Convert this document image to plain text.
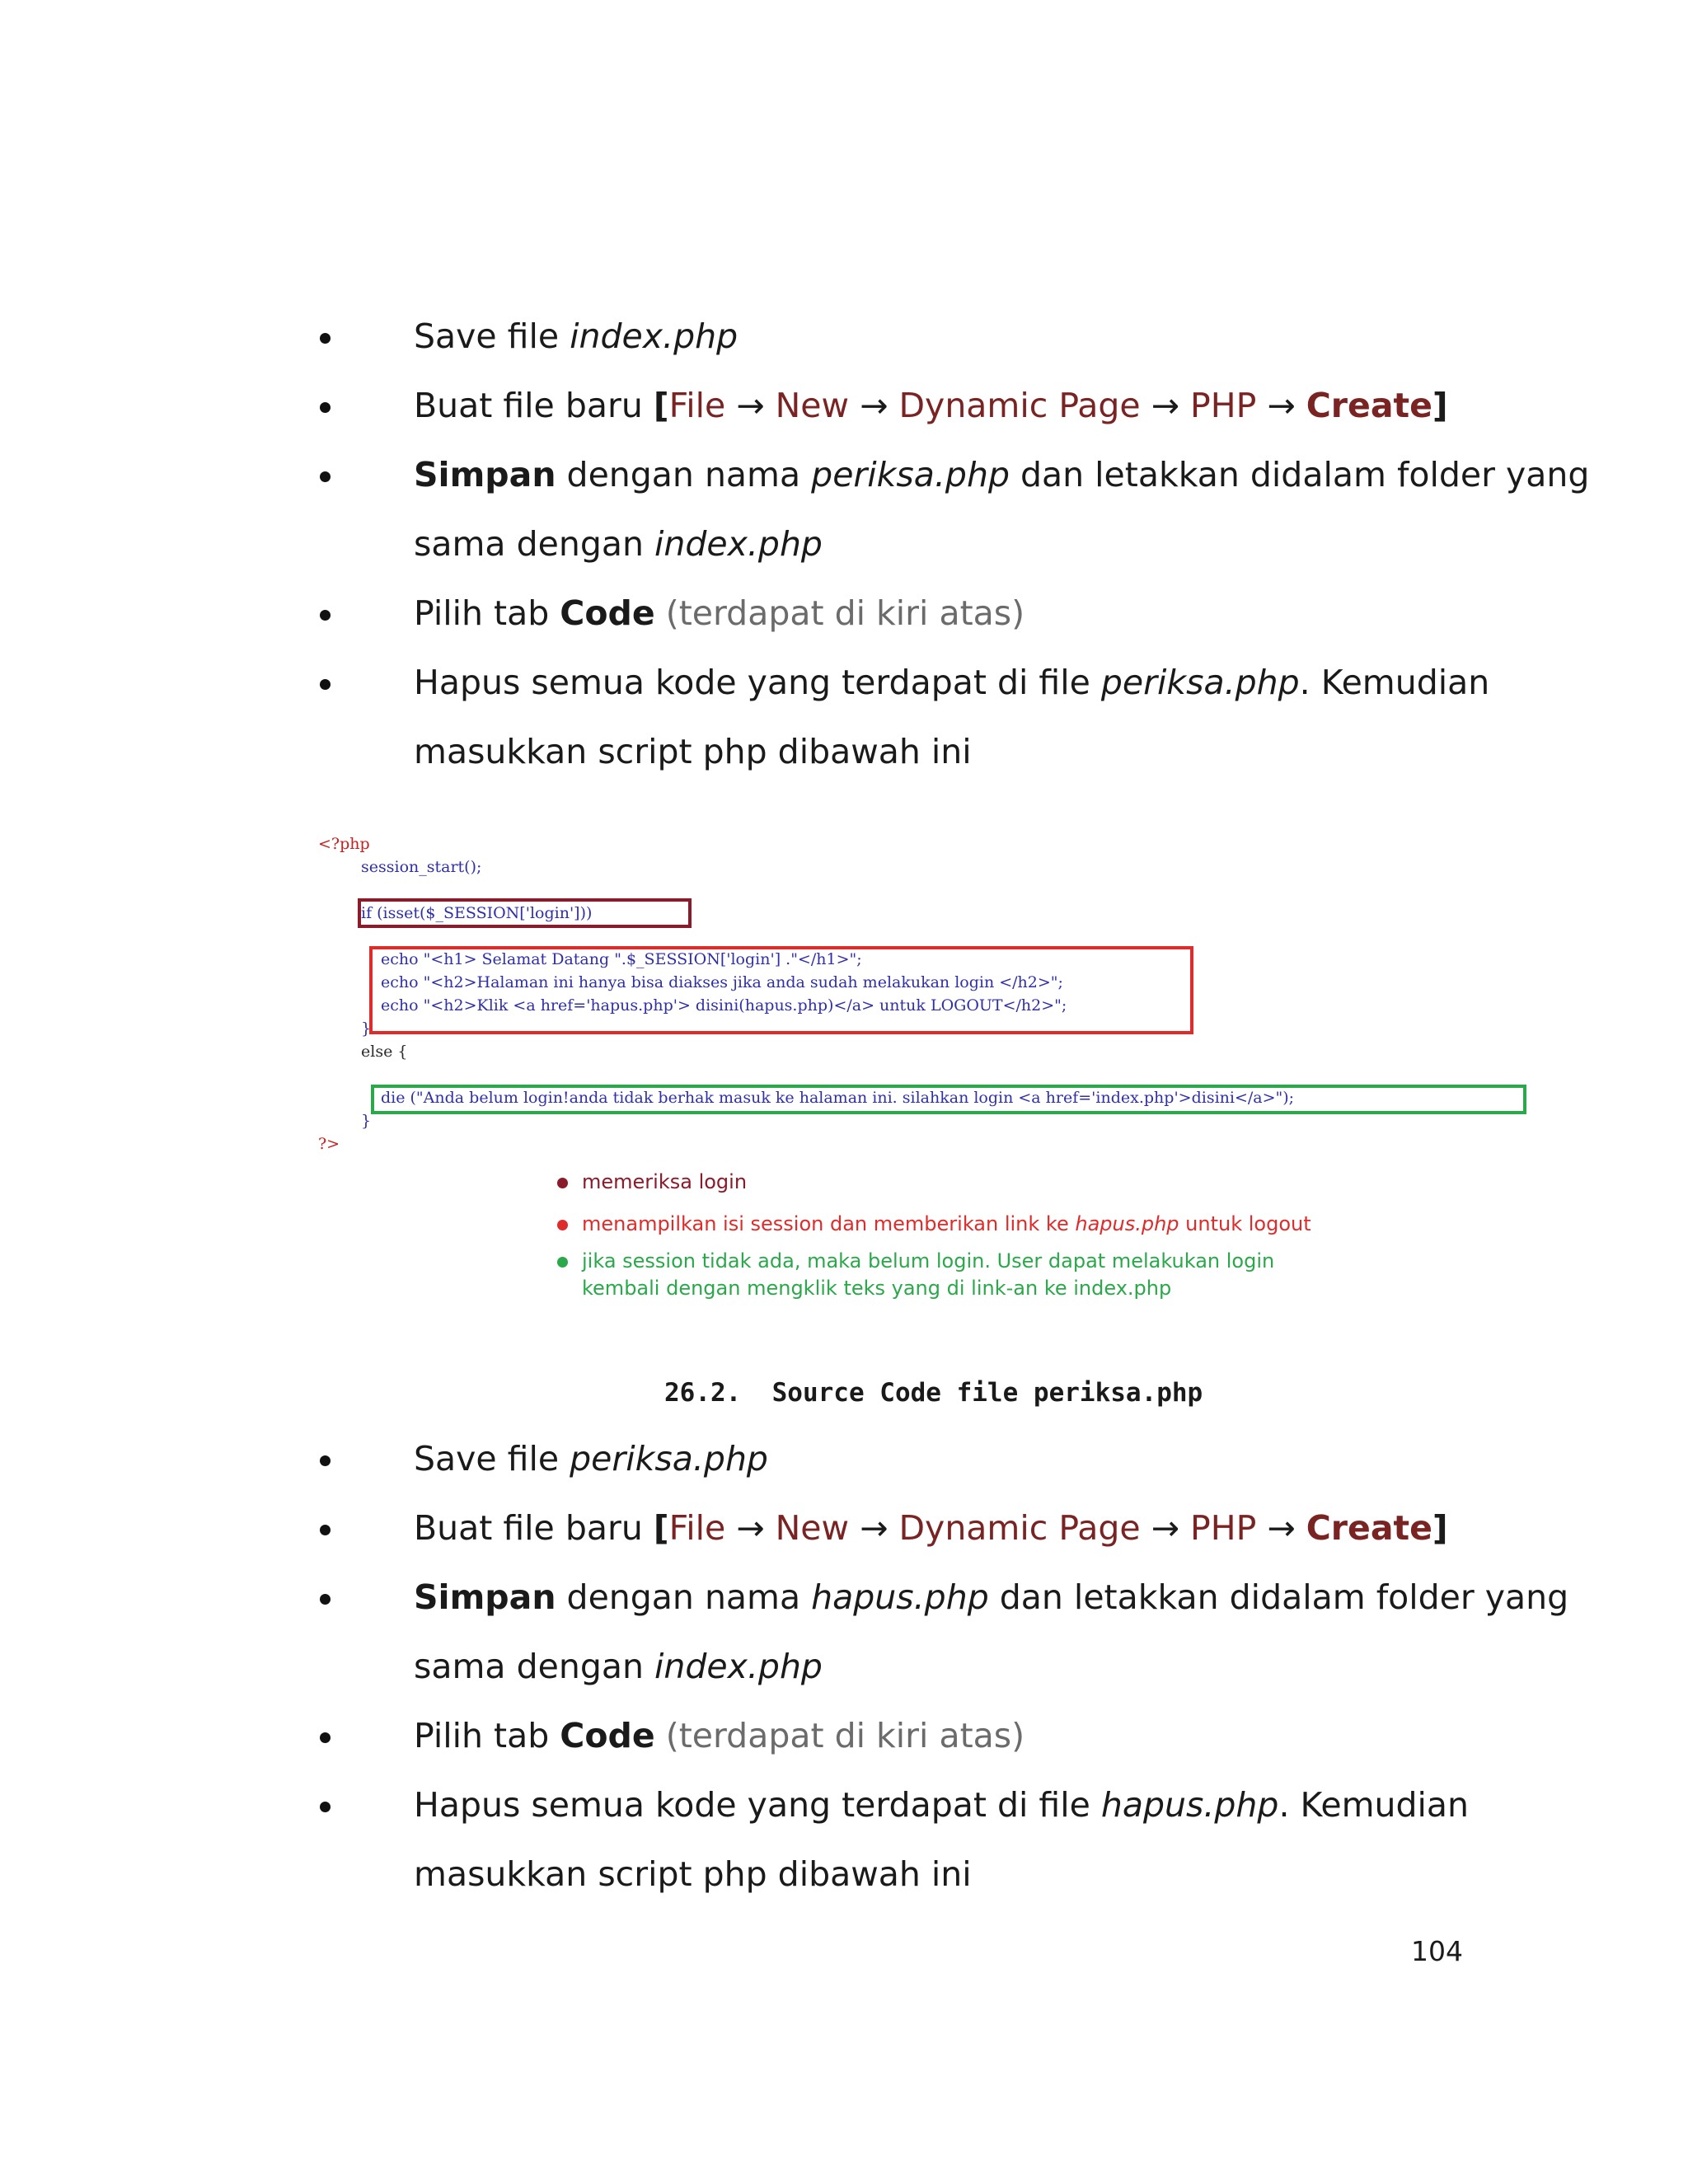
Save file index.php
Buat file baru [File → New → Dynamic Page → PHP → Create]
Simpan dengan nama periksa.php dan letakkan didalam folder yang
sama dengan index.php
Pilih tab Code (terdapat di kiri atas)
Hapus semua kode yang terdapat di file periksa.php. Kemudian
masukkan script php dibawah ini

<?php

session_start();

if (isset($_SESSION['login']))

echo "<h1> Selamat Datang ".$_SESSION['login'] ."</h1>";

echo "<h2>Halaman ini hanya bisa diakses jika anda sudah melakukan login </h2>";

echo "<h2>Klik <a href='hapus.php'> disini(hapus.php)</a> untuk LOGOUT</h2>";

}

else {

die ("Anda belum login!anda tidak berhak masuk ke halaman ini. silahkan login <a href='index.php'>disini</a>");

}

?>

memeriksa login
menampilkan isi session dan memberikan link ke hapus.php untuk logout
jika session tidak ada, maka belum login. User dapat melakukan login
kembali dengan mengklik teks yang di link-an ke index.php
26.2.  Source Code file periksa.php
Save file periksa.php
Buat file baru [File → New → Dynamic Page → PHP → Create]
Simpan dengan nama hapus.php dan letakkan didalam folder yang
sama dengan index.php
Pilih tab Code (terdapat di kiri atas)
Hapus semua kode yang terdapat di file hapus.php. Kemudian
masukkan script php dibawah ini
104
